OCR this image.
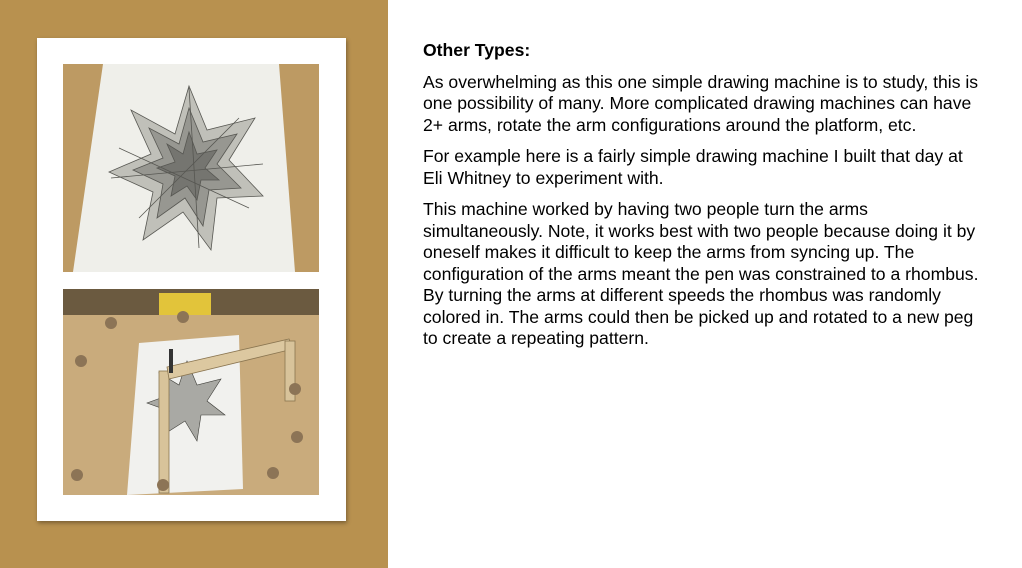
Other Types:

As overwhelming as this one simple drawing machine is to study, this is one possibility of many. More complicated drawing machines can have 2+ arms, rotate the arm configurations around the platform, etc.

For example here is a fairly simple drawing machine I built that day at Eli Whitney to experiment with.

This machine worked by having two people turn the arms simultaneously. Note, it works best with two people because doing it by oneself makes it difficult to keep the arms from syncing up. The configuration of the arms meant the pen was constrained to a rhombus. By turning the arms at different speeds the rhombus was randomly colored in. The arms could then be picked up and rotated to a new peg to create a repeating pattern.
